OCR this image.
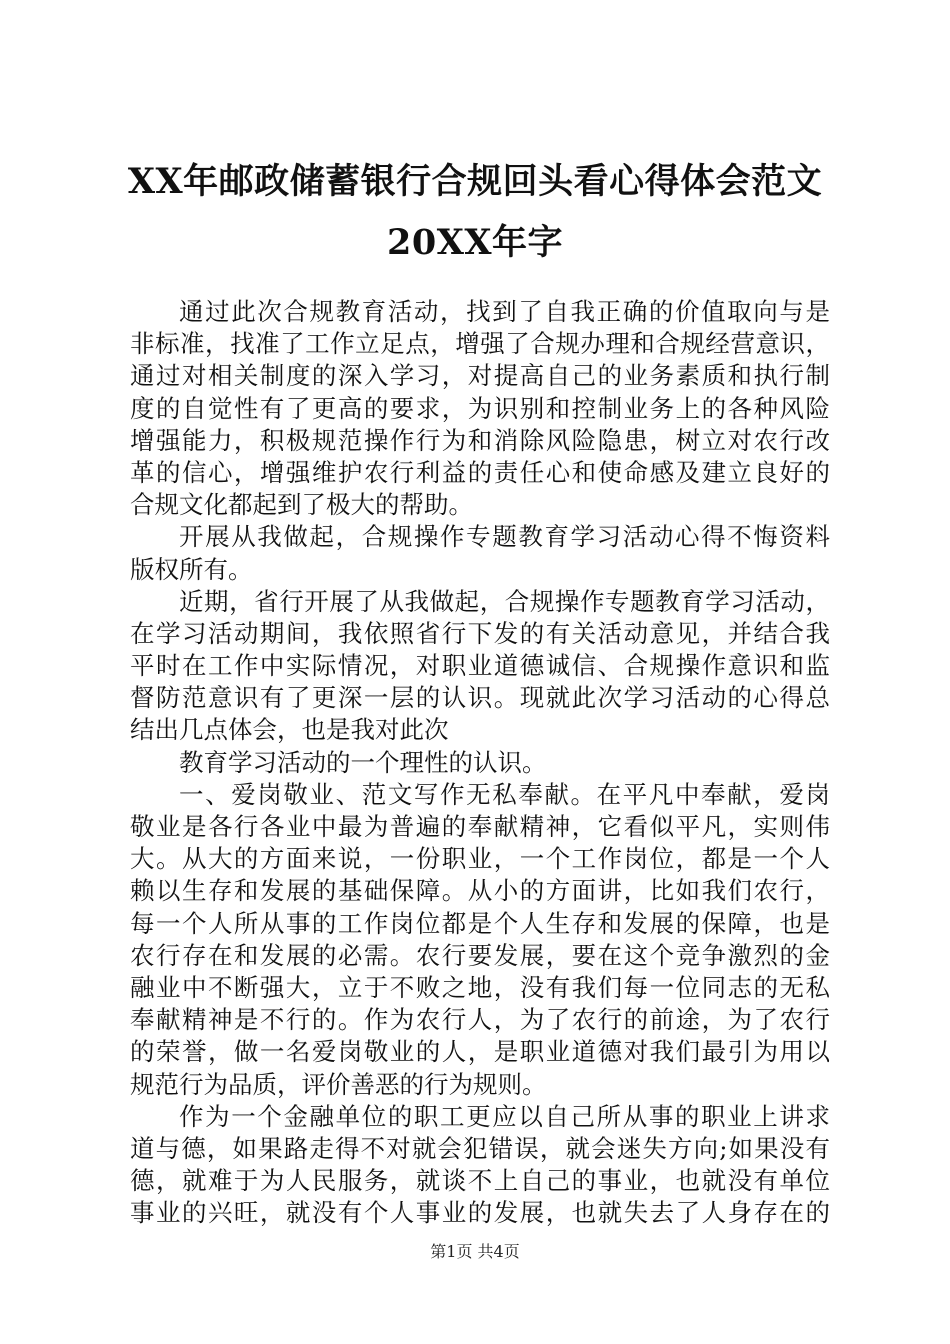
XX年邮政储蓄银行合规回头看心得体会范文
20XX年字
通过此次合规教育活动，找到了自我正确的价值取向与是
非标准，找准了工作立足点，增强了合规办理和合规经营意识，
通过对相关制度的深入学习，对提高自己的业务素质和执行制
度的自觉性有了更高的要求，为识别和控制业务上的各种风险
增强能力，积极规范操作行为和消除风险隐患，树立对农行改
革的信心，增强维护农行利益的责任心和使命感及建立良好的
合规文化都起到了极大的帮助。
开展从我做起，合规操作专题教育学习活动心得不悔资料
版权所有。
近期，省行开展了从我做起，合规操作专题教育学习活动，
在学习活动期间，我依照省行下发的有关活动意见，并结合我
平时在工作中实际情况，对职业道德诚信、合规操作意识和监
督防范意识有了更深一层的认识。现就此次学习活动的心得总
结出几点体会，也是我对此次
教育学习活动的一个理性的认识。
一、爱岗敬业、范文写作无私奉献。在平凡中奉献，爱岗
敬业是各行各业中最为普遍的奉献精神，它看似平凡，实则伟
大。从大的方面来说，一份职业，一个工作岗位，都是一个人
赖以生存和发展的基础保障。从小的方面讲，比如我们农行，
每一个人所从事的工作岗位都是个人生存和发展的保障，也是
农行存在和发展的必需。农行要发展，要在这个竞争激烈的金
融业中不断强大，立于不败之地，没有我们每一位同志的无私
奉献精神是不行的。作为农行人，为了农行的前途，为了农行
的荣誉，做一名爱岗敬业的人，是职业道德对我们最引为用以
规范行为品质，评价善恶的行为规则。
作为一个金融单位的职工更应以自己所从事的职业上讲求
道与德，如果路走得不对就会犯错误，就会迷失方向;如果没有
德，就难于为人民服务，就谈不上自己的事业，也就没有单位
事业的兴旺，就没有个人事业的发展，也就失去了人身存在的
第1页 共4页
